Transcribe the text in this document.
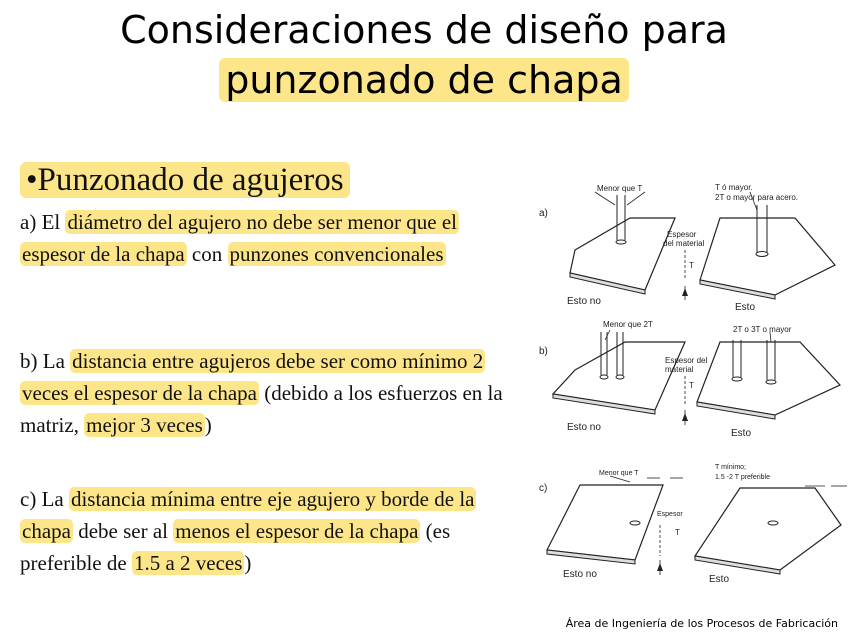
Consideraciones de diseño para
punzonado de chapa
•Punzonado de agujeros
a) El diámetro del agujero no debe ser menor que el espesor de la chapa con punzones convencionales
b) La distancia entre agujeros debe ser como mínimo 2 veces el espesor de la chapa (debido a los esfuerzos en la matriz, mejor 3 veces)
c) La distancia mínima entre eje agujero y borde de la chapa debe ser al menos el espesor de la chapa (es preferible de 1.5 a 2 veces)
a)
Menor que T	T ó mayor.
2T o mayor para acero.
Espesor
del material
T
Esto no
Esto
b)
Menor que 2T
2T o 3T o mayor
Espesor del
material
T
Esto no
Esto
c)
Menor que T
T mínimo;
1.5 -2 T preferible
Espesor
T
Esto no	Esto
Área de Ingeniería de los Procesos de Fabricación
